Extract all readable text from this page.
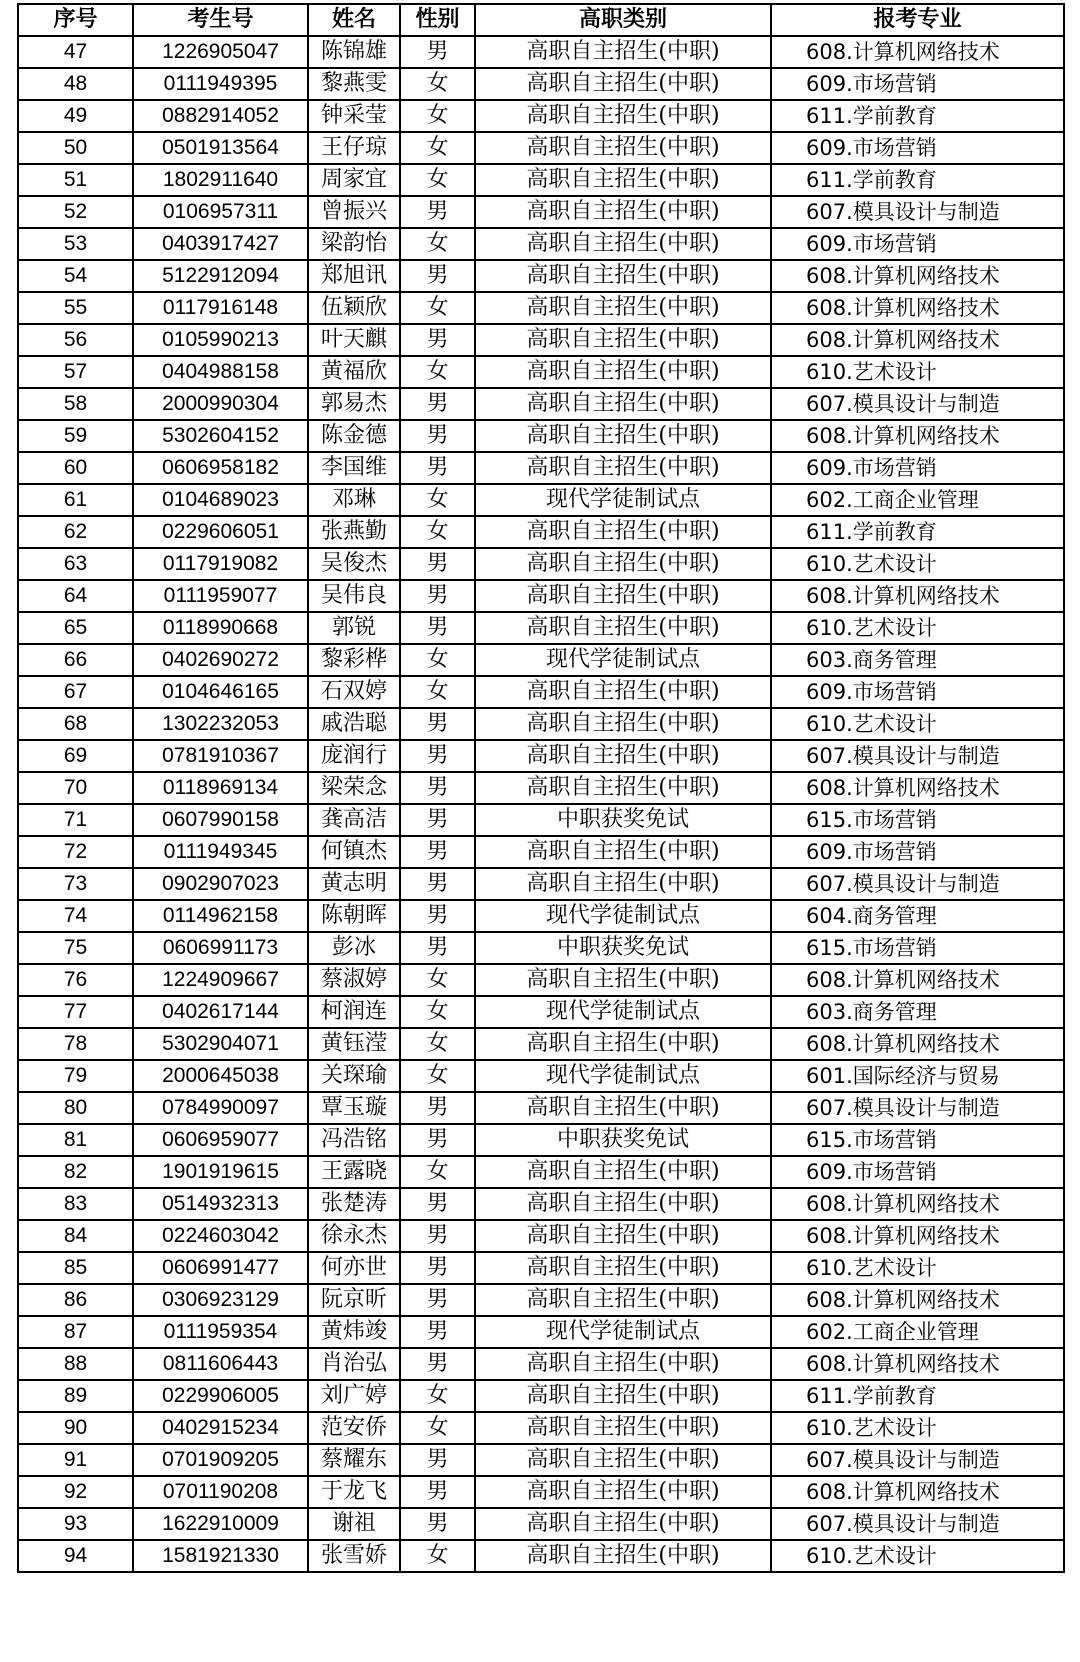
序号	考生号	姓名	性别	高职类别	报考专业
47	1226905047	陈锦雄	男	高职自主招生(中职)	608.计算机网络技术
48	0111949395	黎燕雯	女	高职自主招生(中职)	609.市场营销
49	0882914052	钟采莹	女	高职自主招生(中职)	611.学前教育
50	0501913564	王仔琼	女	高职自主招生(中职)	609.市场营销
51	1802911640	周家宜	女	高职自主招生(中职)	611.学前教育
52	0106957311	曾振兴	男	高职自主招生(中职)	607.模具设计与制造
53	0403917427	梁韵怡	女	高职自主招生(中职)	609.市场营销
54	5122912094	郑旭讯	男	高职自主招生(中职)	608.计算机网络技术
55	0117916148	伍颖欣	女	高职自主招生(中职)	608.计算机网络技术
56	0105990213	叶天麒	男	高职自主招生(中职)	608.计算机网络技术
57	0404988158	黄福欣	女	高职自主招生(中职)	610.艺术设计
58	2000990304	郭易杰	男	高职自主招生(中职)	607.模具设计与制造
59	5302604152	陈金德	男	高职自主招生(中职)	608.计算机网络技术
60	0606958182	李国维	男	高职自主招生(中职)	609.市场营销
61	0104689023	邓琳	女	现代学徒制试点	602.工商企业管理
62	0229606051	张燕勤	女	高职自主招生(中职)	611.学前教育
63	0117919082	吴俊杰	男	高职自主招生(中职)	610.艺术设计
64	0111959077	吴伟良	男	高职自主招生(中职)	608.计算机网络技术
65	0118990668	郭锐	男	高职自主招生(中职)	610.艺术设计
66	0402690272	黎彩桦	女	现代学徒制试点	603.商务管理
67	0104646165	石双婷	女	高职自主招生(中职)	609.市场营销
68	1302232053	戚浩聪	男	高职自主招生(中职)	610.艺术设计
69	0781910367	庞润行	男	高职自主招生(中职)	607.模具设计与制造
70	0118969134	梁荣念	男	高职自主招生(中职)	608.计算机网络技术
71	0607990158	龚高洁	男	中职获奖免试	615.市场营销
72	0111949345	何镇杰	男	高职自主招生(中职)	609.市场营销
73	0902907023	黄志明	男	高职自主招生(中职)	607.模具设计与制造
74	0114962158	陈朝晖	男	现代学徒制试点	604.商务管理
75	0606991173	彭冰	男	中职获奖免试	615.市场营销
76	1224909667	蔡淑婷	女	高职自主招生(中职)	608.计算机网络技术
77	0402617144	柯润连	女	现代学徒制试点	603.商务管理
78	5302904071	黄钰滢	女	高职自主招生(中职)	608.计算机网络技术
79	2000645038	关琛瑜	女	现代学徒制试点	601.国际经济与贸易
80	0784990097	覃玉璇	男	高职自主招生(中职)	607.模具设计与制造
81	0606959077	冯浩铭	男	中职获奖免试	615.市场营销
82	1901919615	王露晓	女	高职自主招生(中职)	609.市场营销
83	0514932313	张楚涛	男	高职自主招生(中职)	608.计算机网络技术
84	0224603042	徐永杰	男	高职自主招生(中职)	608.计算机网络技术
85	0606991477	何亦世	男	高职自主招生(中职)	610.艺术设计
86	0306923129	阮京昕	男	高职自主招生(中职)	608.计算机网络技术
87	0111959354	黄炜竣	男	现代学徒制试点	602.工商企业管理
88	0811606443	肖治弘	男	高职自主招生(中职)	608.计算机网络技术
89	0229906005	刘广婷	女	高职自主招生(中职)	611.学前教育
90	0402915234	范安侨	女	高职自主招生(中职)	610.艺术设计
91	0701909205	蔡耀东	男	高职自主招生(中职)	607.模具设计与制造
92	0701190208	于龙飞	男	高职自主招生(中职)	608.计算机网络技术
93	1622910009	谢祖	男	高职自主招生(中职)	607.模具设计与制造
94	1581921330	张雪娇	女	高职自主招生(中职)	610.艺术设计
